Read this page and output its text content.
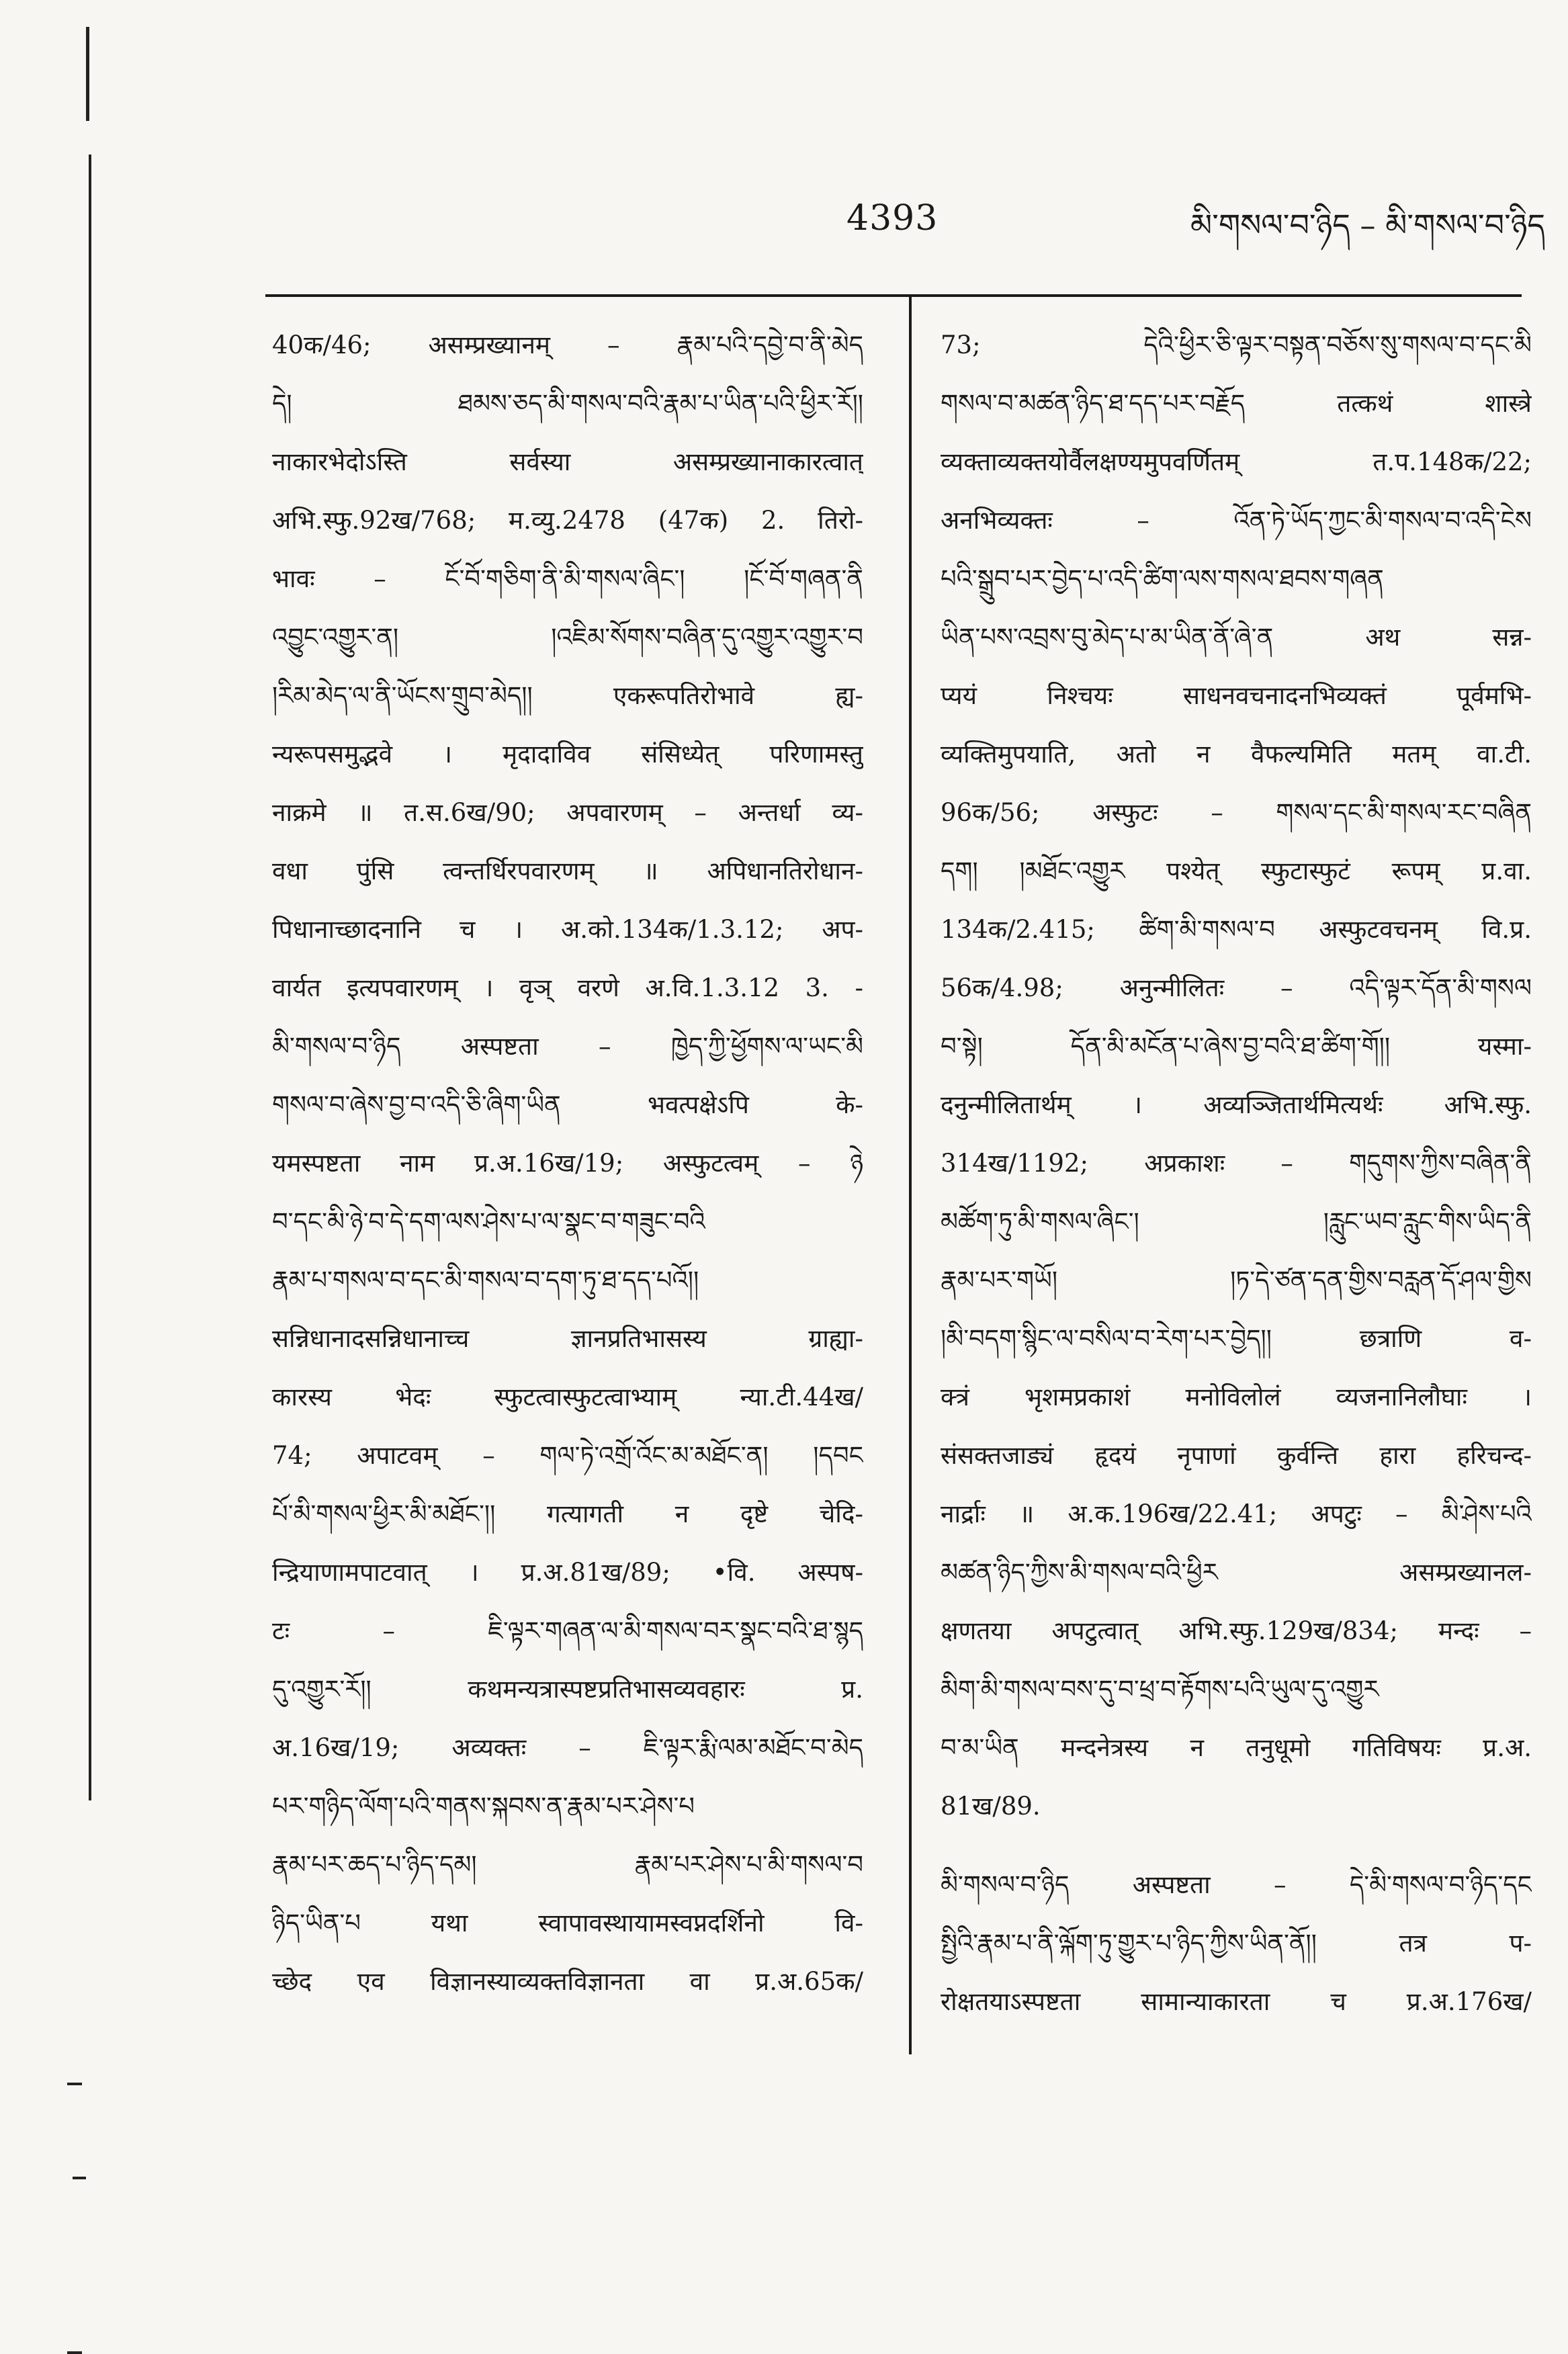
4393	མི་གསལ་བ་ཉིད – མི་གསལ་བ་ཉིད
40क/46; असम्प्रख्यानम् – རྣམ་པའི་དབྱེ་བ་ནི་མེད
དེ། ཐམས་ཅད་མི་གསལ་བའི་རྣམ་པ་ཡིན་པའི་ཕྱིར་རོ།།
नाकारभेदोऽस्ति सर्वस्या असम्प्रख्यानाकारत्वात्
अभि.स्फु.92ख/768; म.व्यु.2478 (47क) 2. तिरो-
भावः – ངོ་བོ་གཅིག་ནི་མི་གསལ་ཞིང་། །ངོ་བོ་གཞན་ནི
འབྱུང་འགྱུར་ན། །འཇིམ་སོགས་བཞིན་དུ་འགྱུར་འགྱུར་བ
།རིམ་མེད་ལ་ནི་ཡོངས་གྲུབ་མེད།། एकरूपतिरोभावे ह्य-
न्यरूपसमुद्भवे । मृदादाविव संसिध्येत् परिणामस्तु
नाक्रमे ॥ त.स.6ख/90; अपवारणम् – अन्तर्धा व्य-
वधा पुंसि त्वन्तर्धिरपवारणम् ॥ अपिधानतिरोधान-
पिधानाच्छादनानि च । अ.को.134क/1.3.12; अप-
वार्यत इत्यपवारणम् । वृञ् वरणे अ.वि.1.3.12 3. -
མི་གསལ་བ་ཉིད अस्पष्टता – ཁྱེད་ཀྱི་ཕྱོགས་ལ་ཡང་མི
གསལ་བ་ཞེས་བྱ་བ་འདི་ཅི་ཞིག་ཡིན भवत्पक्षेऽपि के-
यमस्पष्टता नाम प्र.अ.16ख/19; अस्फुटत्वम् – ཉེ
བ་དང་མི་ཉེ་བ་དེ་དག་ལས་ཤེས་པ་ལ་སྣང་བ་གཟུང་བའི
རྣམ་པ་གསལ་བ་དང་མི་གསལ་བ་དག་ཏུ་ཐ་དད་པའོ།།
सन्निधानादसन्निधानाच्च ज्ञानप्रतिभासस्य ग्राह्या-
कारस्य भेदः स्फुटत्वास्फुटत्वाभ्याम् न्या.टी.44ख/
74; अपाटवम् – གལ་ཏེ་འགྲོ་འོང་མ་མཐོང་ན། །དབང
པོ་མི་གསལ་ཕྱིར་མི་མཐོང་།། गत्यागती न दृष्टे चेदि-
न्द्रियाणामपाटवात् । प्र.अ.81ख/89; •वि. अस्पष-
टः – ཇི་ལྟར་གཞན་ལ་མི་གསལ་བར་སྣང་བའི་ཐ་སྙད
དུ་འགྱུར་རོ།། कथमन्यत्रास्पष्टप्रतिभासव्यवहारः प्र.
अ.16ख/19; अव्यक्तः – ཇི་ལྟར་རྨི་ལམ་མཐོང་བ་མེད
པར་གཉིད་ལོག་པའི་གནས་སྐབས་ན་རྣམ་པར་ཤེས་པ
རྣམ་པར་ཆད་པ་ཉིད་དམ། རྣམ་པར་ཤེས་པ་མི་གསལ་བ
ཉིད་ཡིན་པ यथा स्वापावस्थायामस्वप्नदर्शिनो वि-
च्छेद एव विज्ञानस्याव्यक्तविज्ञानता वा प्र.अ.65क/
73; དེའི་ཕྱིར་ཅི་ལྟར་བསྟན་བཅོས་སུ་གསལ་བ་དང་མི
གསལ་བ་མཚན་ཉིད་ཐ་དད་པར་བརྗོད तत्कथं शास्त्रे
व्यक्ताव्यक्तयोर्वैलक्षण्यमुपवर्णितम् त.प.148क/22;
अनभिव्यक्तः – འོན་ཏེ་ཡོད་ཀྱང་མི་གསལ་བ་འདི་ངེས
པའི་སྒྲུབ་པར་བྱེད་པ་འདི་ཚིག་ལས་གསལ་ཐབས་གཞན
ཡིན་པས་འབྲས་བུ་མེད་པ་མ་ཡིན་ནོ་ཞེ་ན अथ सन्न-
प्ययं निश्चयः साधनवचनादनभिव्यक्तं पूर्वमभि-
व्यक्तिमुपयाति, अतो न वैफल्यमिति मतम् वा.टी.
96क/56; अस्फुटः – གསལ་དང་མི་གསལ་རང་བཞིན
དག། །མཐོང་འགྱུར पश्येत् स्फुटास्फुटं रूपम् प्र.वा.
134क/2.415; ཚིག་མི་གསལ་བ अस्फुटवचनम् वि.प्र.
56क/4.98; अनुन्मीलितः – འདི་ལྟར་དོན་མི་གསལ
བ་སྟེ། དོན་མི་མངོན་པ་ཞེས་བྱ་བའི་ཐ་ཚིག་གོ།། यस्मा-
दनुन्मीलितार्थम् । अव्यञ्जितार्थमित्यर्थः अभि.स्फु.
314ख/1192; अप्रकाशः – གདུགས་ཀྱིས་བཞིན་ནི
མཚོག་ཏུ་མི་གསལ་ཞིང་། །རླུང་ཡབ་རླུང་གིས་ཡིད་ནི
རྣམ་པར་གཡོ། །ཏ་དེ་ཙན་དན་གྱིས་བརླན་དོ་ཤལ་གྱིས
།མི་བདག་སྙིང་ལ་བསིལ་བ་རེག་པར་བྱེད།། छत्राणि व-
क्त्रं भृशमप्रकाशं मनोविलोलं व्यजनानिलौघाः ।
संसक्तजाड्यं हृदयं नृपाणां कुर्वन्ति हारा हरिचन्द-
नार्द्राः ॥ अ.क.196ख/22.41; अपटुः – མི་ཤེས་པའི
མཚན་ཉིད་ཀྱིས་མི་གསལ་བའི་ཕྱིར असम्प्रख्यानल-
क्षणतया अपटुत्वात् अभि.स्फु.129ख/834; मन्दः –
མིག་མི་གསལ་བས་དུ་བ་ཕྲ་བ་རྟོགས་པའི་ཡུལ་དུ་འགྱུར
བ་མ་ཡིན मन्दनेत्रस्य न तनुधूमो गतिविषयः प्र.अ.
81ख/89.
མི་གསལ་བ་ཉིད अस्पष्टता – དེ་མི་གསལ་བ་ཉིད་དང
སྤྱིའི་རྣམ་པ་ནི་ལྐོག་ཏུ་གྱུར་པ་ཉིད་ཀྱིས་ཡིན་ནོ།། तत्र प-
रोक्षतयाऽस्पष्टता सामान्याकारता च प्र.अ.176ख/
